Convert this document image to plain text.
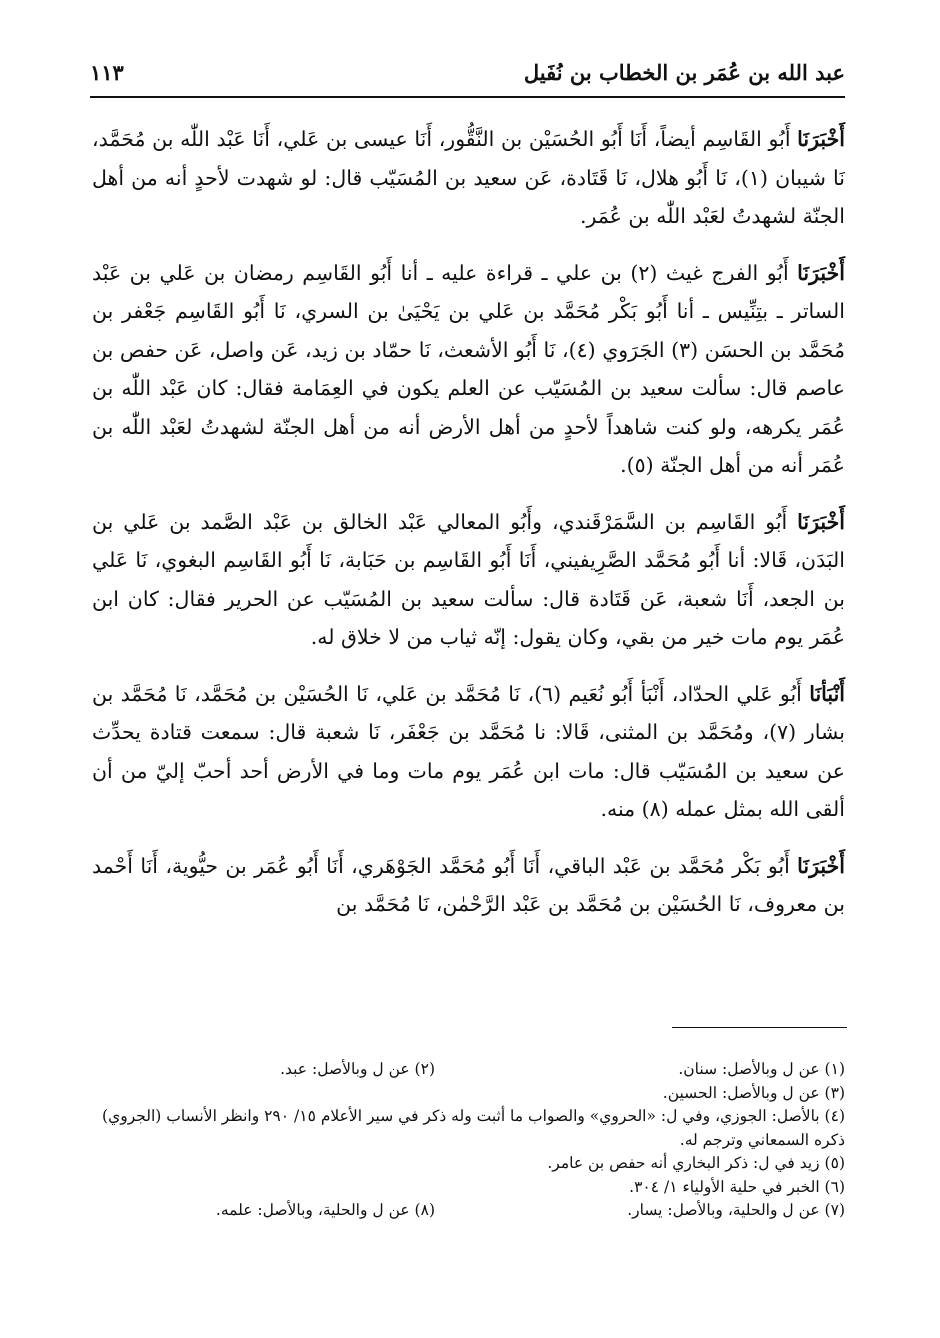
عبد الله بن عُمَر بن الخطاب بن نُفَيل
١١٣

أَخْبَرَنَا أَبُو القَاسِم أيضاً، أَنَا أَبُو الحُسَيْن بن النَّقُّور، أَنَا عيسى بن عَلي، أَنَا عَبْد اللّٰه بن مُحَمَّد، نَا شيبان (١)، نَا أَبُو هلال، نَا قَتَادة، عَن سعيد بن المُسَيّب قال: لو شهدت لأحدٍ أنه من أهل الجنّة لشهدتُ لعَبْد اللّٰه بن عُمَر.

أَخْبَرَنَا أَبُو الفرج غيث (٢) بن علي ـ قراءة عليه ـ أنا أَبُو القَاسِم رمضان بن عَلي بن عَبْد الساتر ـ بتِنِّيس ـ أنا أَبُو بَكْر مُحَمَّد بن عَلي بن يَحْيَىٰ بن السري، نَا أَبُو القَاسِم جَعْفر بن مُحَمَّد بن الحسَن (٣) الجَرَوي (٤)، نَا أَبُو الأشعث، نَا حمّاد بن زيد، عَن واصل، عَن حفص بن عاصم قال: سألت سعيد بن المُسَيّب عن العلم يكون في العِمَامة فقال: كان عَبْد اللّٰه بن عُمَر يكرهه، ولو كنت شاهداً لأحدٍ من أهل الأرض أنه من أهل الجنّة لشهدتُ لعَبْد اللّٰه بن عُمَر أنه من أهل الجنّة (٥).

أَخْبَرَنَا أَبُو القَاسِم بن السَّمَرْقَندي، وأَبُو المعالي عَبْد الخالق بن عَبْد الصَّمد بن عَلي بن البَدَن، قَالا: أنا أَبُو مُحَمَّد الصَّرِيفيني، أَنَا أَبُو القَاسِم بن حَبَابة، نَا أَبُو القَاسِم البغوي، نَا عَلي بن الجعد، أَنَا شعبة، عَن قَتَادة قال: سألت سعيد بن المُسَيّب عن الحرير فقال: كان ابن عُمَر يوم مات خير من بقي، وكان يقول: إنّه ثياب من لا خلاق له.

أَنْبَأنَا أَبُو عَلي الحدّاد، أَنْبَأ أَبُو نُعَيم (٦)، نَا مُحَمَّد بن عَلي، نَا الحُسَيْن بن مُحَمَّد، نَا مُحَمَّد بن بشار (٧)، ومُحَمَّد بن المثنى، قَالا: نا مُحَمَّد بن جَعْفَر، نَا شعبة قال: سمعت قتادة يحدِّث عن سعيد بن المُسَيّب قال: مات ابن عُمَر يوم مات وما في الأرض أحد أحبّ إليّ من أن ألقى الله بمثل عمله (٨) منه.

أَخْبَرَنَا أَبُو بَكْر مُحَمَّد بن عَبْد الباقي، أَنَا أَبُو مُحَمَّد الجَوْهَري، أَنَا أَبُو عُمَر بن حيُّوية، أَنَا أَحْمد بن معروف، نَا الحُسَيْن بن مُحَمَّد بن عَبْد الرَّحْمٰن، نَا مُحَمَّد بن

(١) عن ل وبالأصل: سنان.
(٢) عن ل وبالأصل: عبد.
(٣) عن ل وبالأصل: الحسين.
(٤) بالأصل: الجوزي، وفي ل: «الحروي» والصواب ما أثبت وله ذكر في سير الأعلام ١٥/ ٢٩٠ وانظر الأنساب (الجروي) ذكره السمعاني وترجم له.
(٥) زيد في ل: ذكر البخاري أنه حفص بن عامر.
(٦) الخبر في حلية الأولياء ١/ ٣٠٤.
(٧) عن ل والحلية، وبالأصل: يسار.
(٨) عن ل والحلية، وبالأصل: علمه.
